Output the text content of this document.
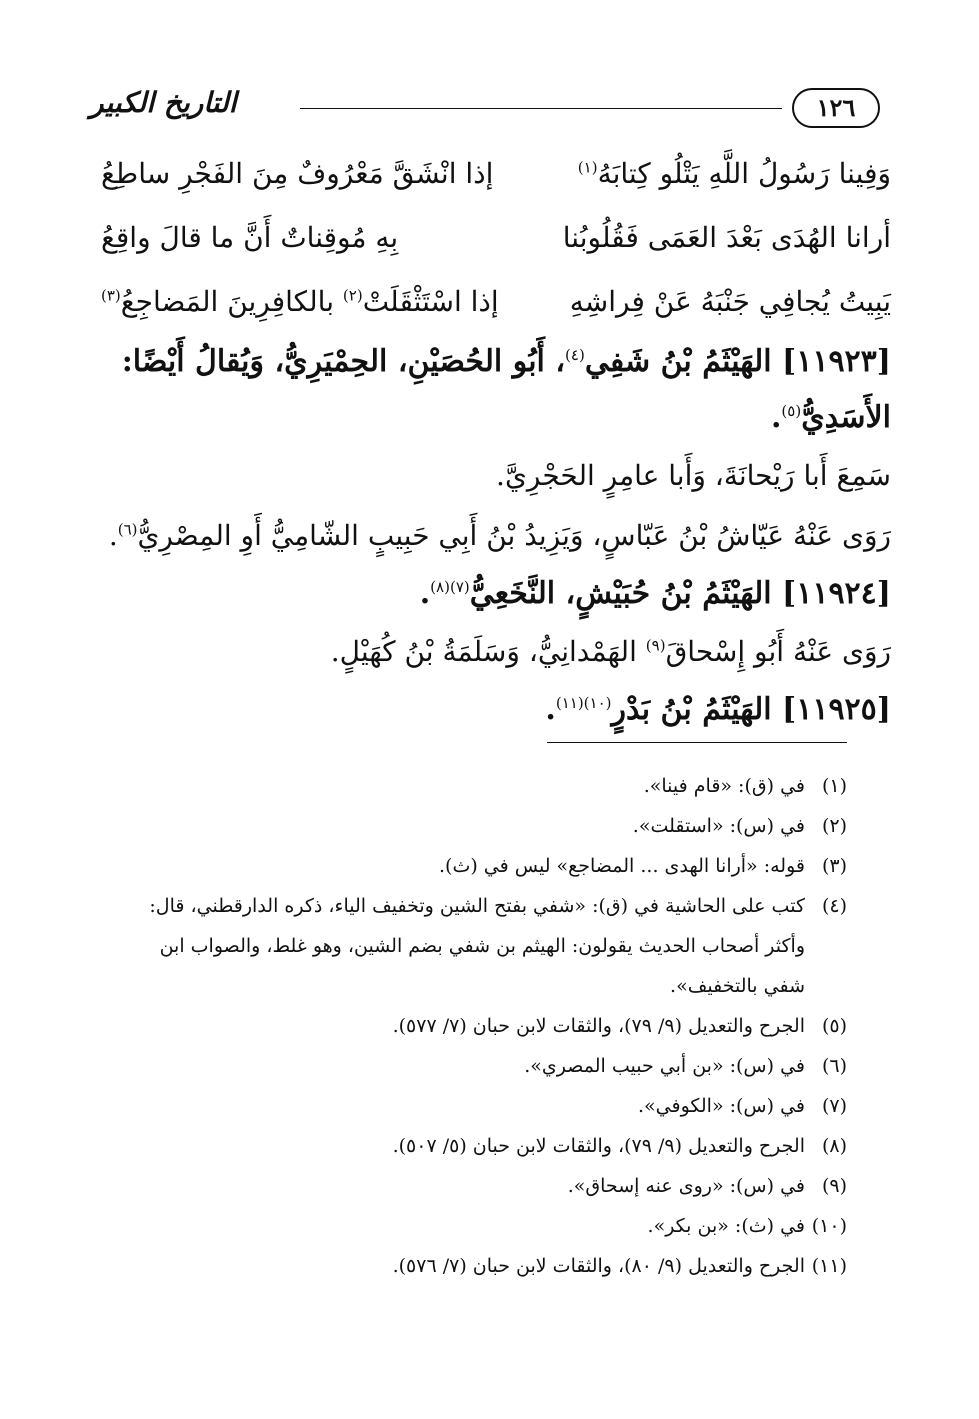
١٢٦
التاريخ الكبير
وَفِينا رَسُولُ اللَّهِ يَتْلُو كِتابَهُ$^{(١)}$
إذا انْشَقَّ مَعْرُوفٌ مِنَ الفَجْرِ ساطِعُ
أرانا الهُدَى بَعْدَ العَمَى فَقُلُوبُنا
بِهِ مُوقِناتٌ أَنَّ ما قالَ واقِعُ
يَبِيتُ يُجافِي جَنْبَهُ عَنْ فِراشِهِ
إذا اسْتَثْقَلَتْ$^{(٢)}$ بالكافِرِينَ المَضاجِعُ$^{(٣)}$
[١١٩٢٣] الهَيْثَمُ بْنُ شَفِي$^{(٤)}$، أَبُو الحُصَيْنِ، الحِمْيَرِيُّ، وَيُقالُ أَيْضًا:
الأَسَدِيُّ$^{(٥)}$.
سَمِعَ أَبا رَيْحانَةَ، وَأَبا عامِرٍ الحَجْرِيَّ.
رَوَى عَنْهُ عَيّاشُ بْنُ عَبّاسٍ، وَيَزِيدُ بْنُ أَبِي حَبِيبٍ الشّامِيُّ أَوِ المِصْرِيُّ$^{(٦)}$.
[١١٩٢٤] الهَيْثَمُ بْنُ حُبَيْشٍ، النَّخَعِيُّ$^{(٧)(٨)}$.
رَوَى عَنْهُ أَبُو إِسْحاقَ$^{(٩)}$ الهَمْدانِيُّ، وَسَلَمَةُ بْنُ كُهَيْلٍ.
[١١٩٢٥] الهَيْثَمُ بْنُ بَدْرٍ$^{(١٠)(١١)}$.
(١)
في (ق): «قام فينا».
(٢)
في (س): «استقلت».
(٣)
قوله: «أرانا الهدى ... المضاجع» ليس في (ث).
(٤)
كتب على الحاشية في (ق): «شفي بفتح الشين وتخفيف الياء، ذكره الدارقطني، قال: وأكثر أصحاب الحديث يقولون: الهيثم بن شفي بضم الشين، وهو غلط، والصواب ابن شفي بالتخفيف».
(٥)
الجرح والتعديل (٩/ ٧٩)، والثقات لابن حبان (٧/ ٥٧٧).
(٦)
في (س): «بن أبي حبيب المصري».
(٧)
في (س): «الكوفي».
(٨)
الجرح والتعديل (٩/ ٧٩)، والثقات لابن حبان (٥/ ٥٠٧).
(٩)
في (س): «روى عنه إسحاق».
(١٠)
في (ث): «بن بكر».
(١١)
الجرح والتعديل (٩/ ٨٠)، والثقات لابن حبان (٧/ ٥٧٦).
